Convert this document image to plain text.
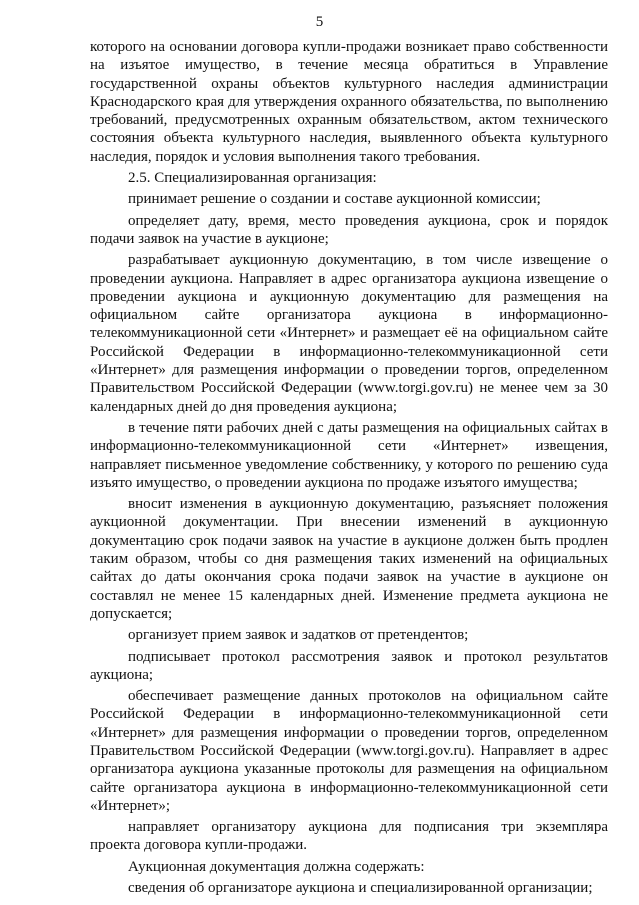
5

которого на основании договора купли-продажи возникает право собственности на изъятое имущество, в течение месяца обратиться в Управление государственной охраны объектов культурного наследия администрации Краснодарского края для утверждения охранного обязательства, по выполнению требований, предусмотренных охранным обязательством, актом технического состояния объекта культурного наследия, выявленного объекта культурного наследия, порядок и условия выполнения такого требования.

2.5. Специализированная организация:

принимает решение о создании и составе аукционной комиссии;

определяет дату, время, место проведения аукциона, срок и порядок подачи заявок на участие в аукционе;

разрабатывает аукционную документацию, в том числе извещение о проведении аукциона. Направляет в адрес организатора аукциона извещение о проведении аукциона и аукционную документацию для размещения на официальном сайте организатора аукциона в информационно-телекоммуникационной сети «Интернет» и размещает её на официальном сайте Российской Федерации в информационно-телекоммуникационной сети «Интернет» для размещения информации о проведении торгов, определенном Правительством Российской Федерации (www.torgi.gov.ru) не менее чем за 30 календарных дней до дня проведения аукциона;

в течение пяти рабочих дней с даты размещения на официальных сайтах в информационно-телекоммуникационной сети «Интернет» извещения, направляет письменное уведомление собственнику, у которого по решению суда изъято имущество, о проведении аукциона по продаже изъятого имущества;

вносит изменения в аукционную документацию, разъясняет положения аукционной документации. При внесении изменений в аукционную документацию срок подачи заявок на участие в аукционе должен быть продлен таким образом, чтобы со дня размещения таких изменений на официальных сайтах до даты окончания срока подачи заявок на участие в аукционе он составлял не менее 15 календарных дней. Изменение предмета аукциона не допускается;

организует прием заявок и задатков от претендентов;

подписывает протокол рассмотрения заявок и протокол результатов аукциона;

обеспечивает размещение данных протоколов на официальном сайте Российской Федерации в информационно-телекоммуникационной сети «Интернет» для размещения информации о проведении торгов, определенном Правительством Российской Федерации (www.torgi.gov.ru). Направляет в адрес организатора аукциона указанные протоколы для размещения на официальном сайте организатора аукциона в информационно-телекоммуникационной сети «Интернет»;

направляет организатору аукциона для подписания три экземпляра проекта договора купли-продажи.

Аукционная документация должна содержать:

сведения об организаторе аукциона и специализированной организации;
